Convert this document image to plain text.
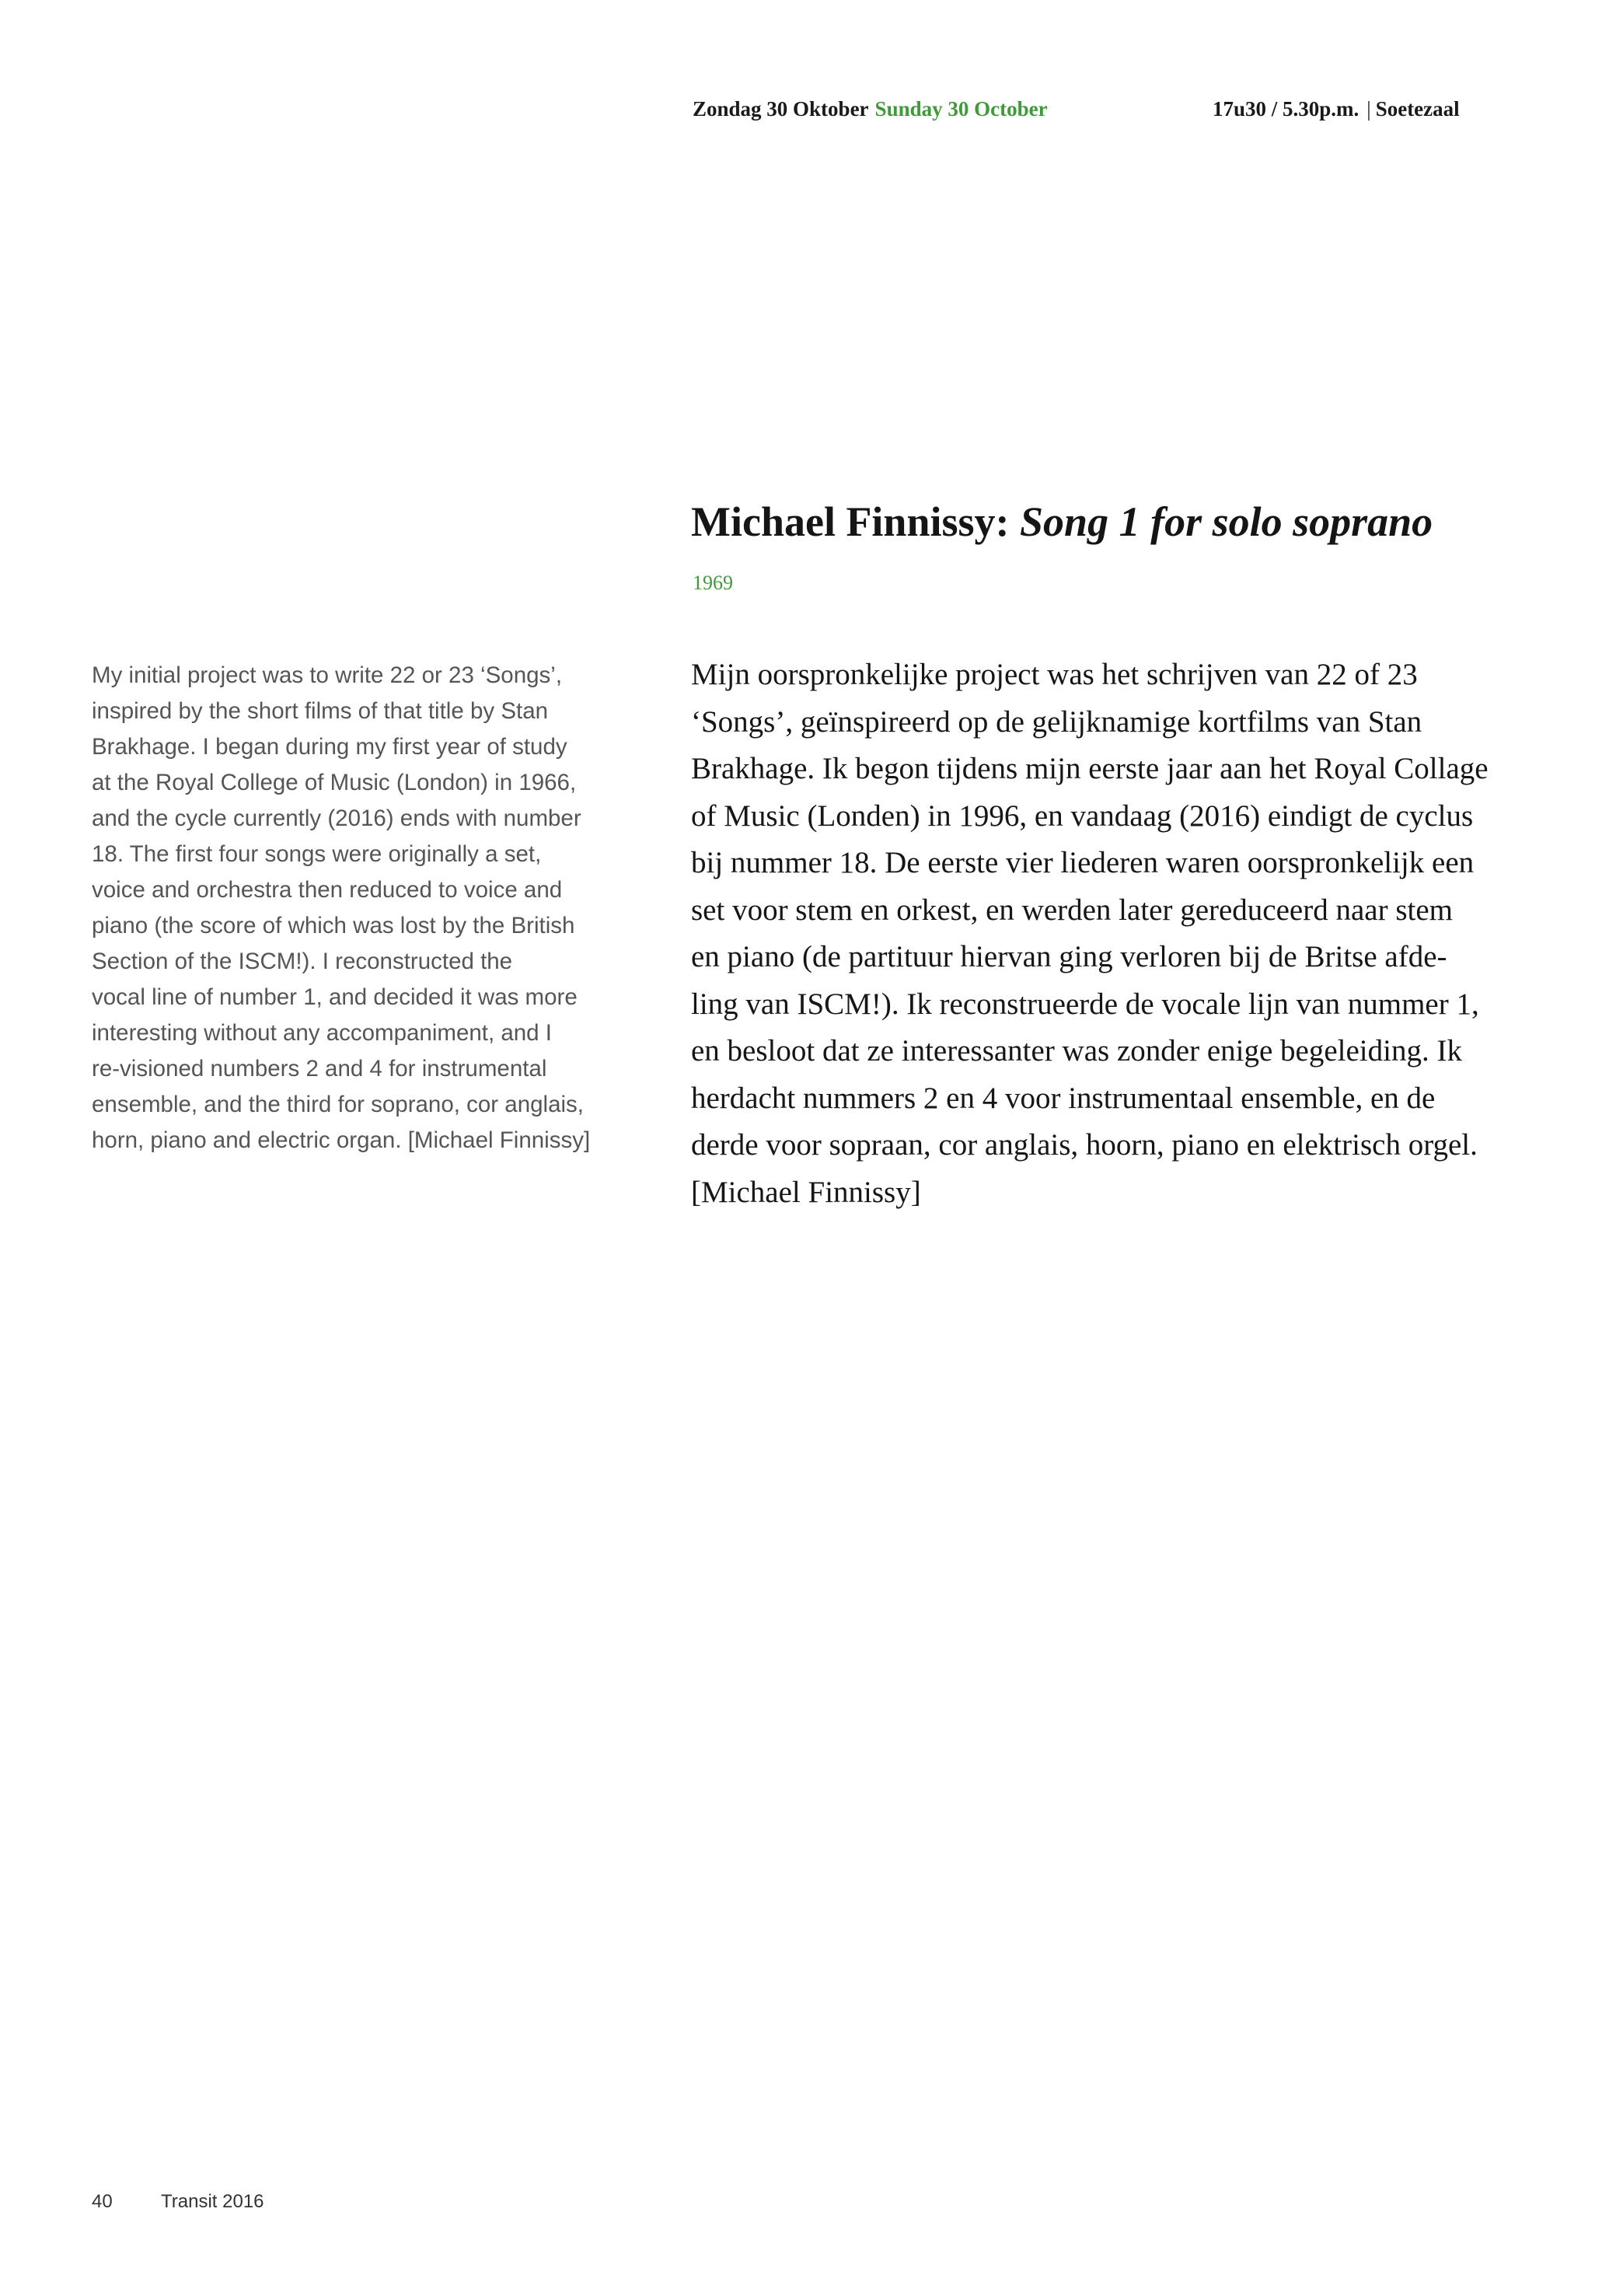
Zondag 30 Oktober Sunday 30 October	17u30 / 5.30p.m. | Soetezaal
Michael Finnissy: Song 1 for solo soprano
1969
My initial project was to write 22 or 23 ‘Songs’,
inspired by the short films of that title by Stan
Brakhage. I began during my first year of study
at the Royal College of Music (London) in 1966,
and the cycle currently (2016) ends with number
18. The first four songs were originally a set,
voice and orchestra then reduced to voice and
piano (the score of which was lost by the British
Section of the ISCM!). I reconstructed the
vocal line of number 1, and decided it was more
interesting without any accompaniment, and I
re-visioned numbers 2 and 4 for instrumental
ensemble, and the third for soprano, cor anglais,
horn, piano and electric organ. [Michael Finnissy]
Mijn oorspronkelijke project was het schrijven van 22 of 23
‘Songs’, geïnspireerd op de gelijknamige kortfilms van Stan
Brakhage. Ik begon tijdens mijn eerste jaar aan het Royal Collage
of Music (Londen) in 1996, en vandaag (2016) eindigt de cyclus
bij nummer 18. De eerste vier liederen waren oorspronkelijk een
set voor stem en orkest, en werden later gereduceerd naar stem
en piano (de partituur hiervan ging verloren bij de Britse afde-
ling van ISCM!). Ik reconstrueerde de vocale lijn van nummer 1,
en besloot dat ze interessanter was zonder enige begeleiding. Ik
herdacht nummers 2 en 4 voor instrumentaal ensemble, en de
derde voor sopraan, cor anglais, hoorn, piano en elektrisch orgel.
[Michael Finnissy]
40	Transit 2016
